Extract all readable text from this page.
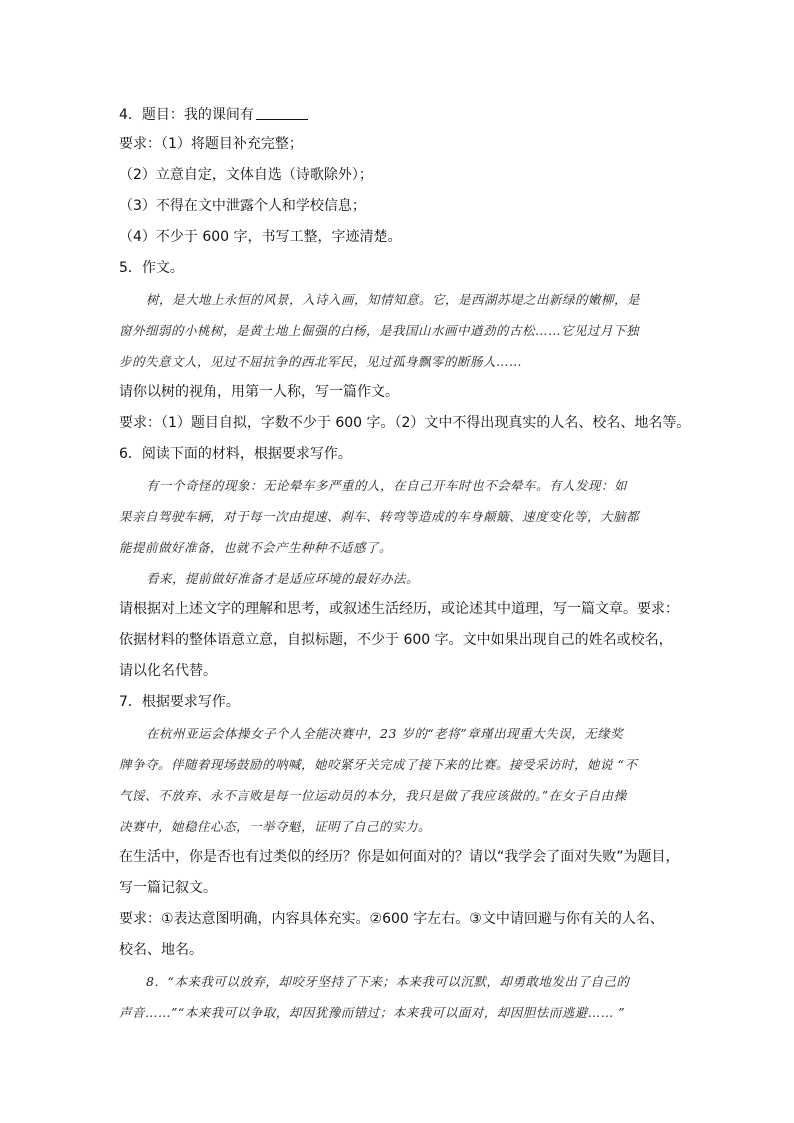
4．题目：我的课间有
要求：（1）将题目补充完整；
（2）立意自定，文体自选（诗歌除外）；
（3）不得在文中泄露个人和学校信息；
（4）不少于 600 字，书写工整，字迹清楚。
5．作文。
树，是大地上永恒的风景，入诗入画，知情知意。它，是西湖苏堤之出新绿的嫩柳，是
窗外细弱的小桃树，是黄土地上倔强的白杨，是我国山水画中遒劲的古松……它见过月下独
步的失意文人，见过不屈抗争的西北军民，见过孤身飘零的断肠人……
请你以树的视角，用第一人称，写一篇作文。
要求：（1）题目自拟，字数不少于 600 字。（2）文中不得出现真实的人名、校名、地名等。
6．阅读下面的材料，根据要求写作。
有一个奇怪的现象：无论晕车多严重的人，在自己开车时也不会晕车。有人发现：如
果亲自驾驶车辆，对于每一次由提速、刹车、转弯等造成的车身颠簸、速度变化等，大脑都
能提前做好准备，也就不会产生种种不适感了。
看来，提前做好准备才是适应环境的最好办法。
请根据对上述文字的理解和思考，或叙述生活经历，或论述其中道理，写一篇文章。要求：
依据材料的整体语意立意，自拟标题，不少于 600 字。文中如果出现自己的姓名或校名，
请以化名代替。
7．根据要求写作。
在杭州亚运会体操女子个人全能决赛中，23 岁的“老将”章瑾出现重大失误，无缘奖
牌争夺。伴随着现场鼓励的呐喊，她咬紧牙关完成了接下来的比赛。接受采访时，她说 “不
气馁、不放弃、永不言败是每一位运动员的本分，我只是做了我应该做的。”在女子自由操
决赛中，她稳住心态，一举夺魁，证明了自己的实力。
在生活中，你是否也有过类似的经历？你是如何面对的？请以“我学会了面对失败”为题目，
写一篇记叙文。
要求：①表达意图明确，内容具体充实。②600 字左右。③文中请回避与你有关的人名、
校名、地名。
8．“本来我可以放弃，却咬牙坚持了下来；本来我可以沉默，却勇敢地发出了自己的
声音……”“本来我可以争取，却因犹豫而错过；本来我可以面对，却因胆怯而逃避…… ”
